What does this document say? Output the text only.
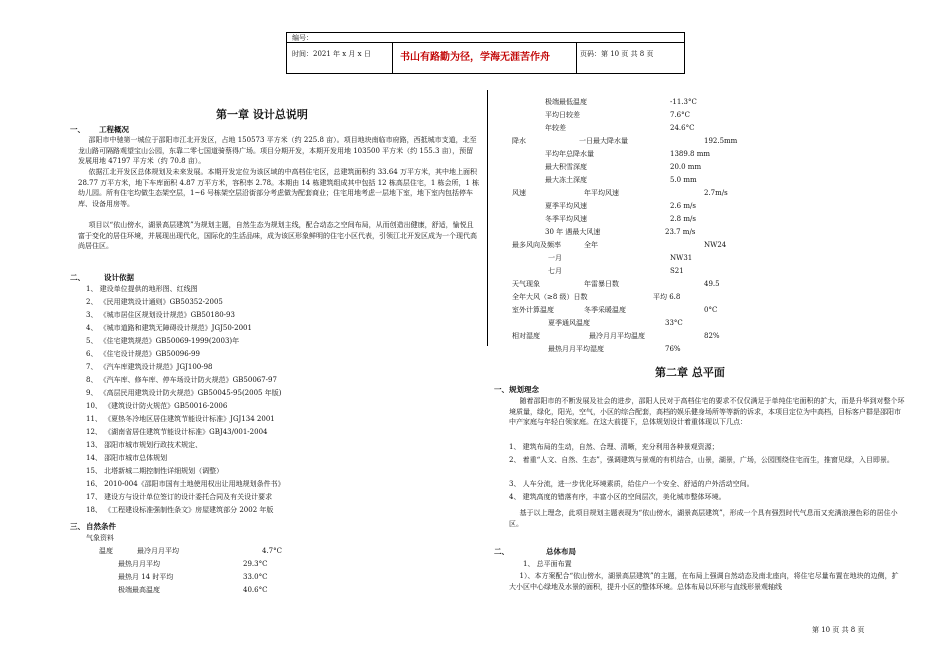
编号：
时间：2021 年 x 月 x 日	书山有路勤为径，学海无涯苦作舟	页码：第 10 页 共 8 页
第一章 设计总说明
一、 工程概况
邵阳市中驰第一城位于邵阳市江北开发区，占地 150573 平方米（约 225.8 亩）。项目地块南临市府路，西抵城市支道，北至龙山路可隔路观望宝山公园，东靠二零七国道骑蔡得广场。项目分期开发，本期开发用地 103500 平方米（约 155.3 亩），预留发展用地 47197 平方米（约 70.8 亩）。
依据江北开发区总体规划及未来发展。本期开发定位为该区域的中高档住宅区，总建筑面积约 33.64 万平方米，其中地上面积 28.77 万平方米，地下车库面积 4.87 万平方米，容积率 2.78。本期由 14 栋建筑组成其中包括 12 栋高层住宅，1 栋会所，1 栋幼儿园。所有住宅均做生态架空层，1~6 号栋架空层沿街部分考虑做为配套商业；住宅用地考虑一层地下室，地下室内包括停车库、设备用房等。
项目以“依山傍水，湖景高层建筑”为规划主题，自然生态为规划主线，配合动态之空间布局，从而创造出健康，舒适，愉悦且富于变化的居住环境，并展现出现代化，国际化的生活品味，成为该区形象鲜明的住宅小区代表，引领江北开发区成为一个现代高尚居住区。
二、	设计依据
1、 建设单位提供的地形图、红线图
2、 《民用建筑设计通则》GB50352-2005
3、 《城市居住区规划设计规范》GB50180-93
4、 《城市道路和建筑无障碍设计规范》JGJ50-2001
5、 《住宅建筑规范》GB50069-1999(2003)年
6、 《住宅设计规范》GB50096-99
7、 《汽车库建筑设计规范》JGJ100-98
8、 《汽车库、修车库、停车场设计防火规范》GB50067-97
9、 《高层民用建筑设计防火规范》GB50045-95(2005 年版)
10、 《建筑设计防火规范》GB50016-2006
11、 《夏热冬冷地区居住建筑节能设计标准》JGJ134 2001
12、 《湖南省居住建筑节能设计标准》GBJ43/001-2004
13、 邵阳市城市规划行政技术规定、
14、 邵阳市城市总体规划
15、 北塔新城二期控制性详细规划（调整）
16、 2010-004《邵阳市国有土地使用权出让用地规划条件书》
17、 建设方与设计单位签订的设计委托合同及有关设计要求
18、 《工程建设标准强制性条文》房屋建筑部分 2002 年版
三、 自然条件
气象资料
温度	最冷月月平均	4.7°C
最热月月平均	29.3°C
最热月 14 时平均	33.0°C
极端最高温度	40.6°C
极端最低温度	-11.3°C
平均日较差	7.6°C
年较差	24.6°C
降水	一日最大降水量	192.5mm
平均年总降水量	1389.8 mm
最大积雪深度	20.0 mm
最大冻土深度	5.0 mm
风速	年平均风速	2.7m/s
夏季平均风速	2.6 m/s
冬季平均风速	2.8 m/s
30 年 遇最大风速	23.7 m/s
最多风向及频率	全年	NW24
一月	NW31
七月	S21
天气现象	年雷暴日数	49.5
全年大风（≥8 级）日数	平均 6.8
室外计算温度	冬季采暖温度	0°C
夏季通风温度	33°C
相对湿度	最冷月月平均温度	82%
最热月月平均湿度	76%
第二章 总平面
一、 规划理念
随着邵阳市的不断发展及社会的进步，邵阳人民对于高档住宅的要求不仅仅满足于单纯住宅面积的扩大，而是升华到对整个环境质量，绿化，阳光，空气，小区的综合配套，高档的娱乐健身场所等等新的诉求，本项目定位为中高档，目标客户群是邵阳市中产家庭与年轻白领家庭。在这大前提下，总体规划设计着重体现以下几点：
1、 建筑布局的生动，自然、合理、清晰，充分利用各种景观资源；
2、 着重“人文、自然、生态”，强调建筑与景观的有机结合，山景，湖景，广场，公园围绕住宅而生，推窗见绿，入目即景。
3、 人车分流，进一步优化环境素质，给住户一个安全、舒适的户外活动空间。
4、 建筑高度的错落有序，丰富小区的空间层次，美化城市整体环境。
基于以上理念，此项目规划主题表现为“依山傍水，湖景高层建筑”，形成一个具有强烈时代气息而又充满浪漫色彩的居住小区。
二、	总体布局
1、 总平面布置
1）、本方案配合“依山傍水，湖景高层建筑”的主题，在布局上强调自然动态及南北座向，将住宅尽量布置在地块的边侧，扩大小区中心绿地及水景的面积，提升小区的整体环境。总体布局以环形与直线形景观轴线
第 10 页 共 8 页
